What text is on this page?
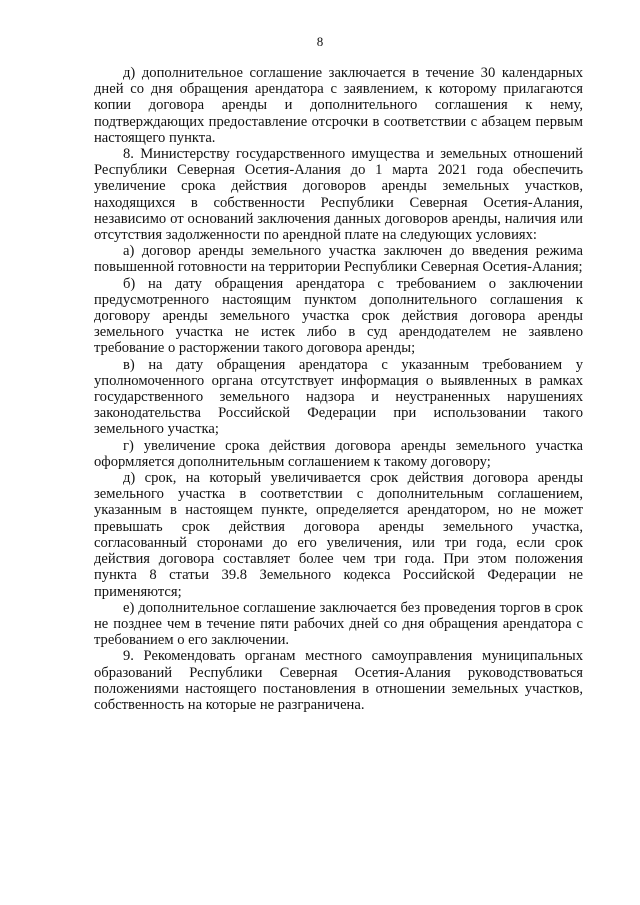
8

д) дополнительное соглашение заключается в течение 30 календарных дней со дня обращения арендатора с заявлением, к которому прилагаются копии договора аренды и дополнительного соглашения к нему, подтверждающих предоставление отсрочки в соответствии с абзацем первым настоящего пункта.

8. Министерству государственного имущества и земельных отношений Республики Северная Осетия-Алания до 1 марта 2021 года обеспечить увеличение срока действия договоров аренды земельных участков, находящихся в собственности Республики Северная Осетия-Алания, независимо от оснований заключения данных договоров аренды, наличия или отсутствия задолженности по арендной плате на следующих условиях:

а) договор аренды земельного участка заключен до введения режима повышенной готовности на территории Республики Северная Осетия-Алания;

б) на дату обращения арендатора с требованием о заключении предусмотренного настоящим пунктом дополнительного соглашения к договору аренды земельного участка срок действия договора аренды земельного участка не истек либо в суд арендодателем не заявлено требование о расторжении такого договора аренды;

в) на дату обращения арендатора с указанным требованием у уполномоченного органа отсутствует информация о выявленных в рамках государственного земельного надзора и неустраненных нарушениях законодательства Российской Федерации при использовании такого земельного участка;

г) увеличение срока действия договора аренды земельного участка оформляется дополнительным соглашением к такому договору;

д) срок, на который увеличивается срок действия договора аренды земельного участка в соответствии с дополнительным соглашением, указанным в настоящем пункте, определяется арендатором, но не может превышать срок действия договора аренды земельного участка, согласованный сторонами до его увеличения, или три года, если срок действия договора составляет более чем три года. При этом положения пункта 8 статьи 39.8 Земельного кодекса Российской Федерации не применяются;

е) дополнительное соглашение заключается без проведения торгов в срок не позднее чем в течение пяти рабочих дней со дня обращения арендатора с требованием о его заключении.

9. Рекомендовать органам местного самоуправления муниципальных образований Республики Северная Осетия-Алания руководствоваться положениями настоящего постановления в отношении земельных участков, собственность на которые не разграничена.
